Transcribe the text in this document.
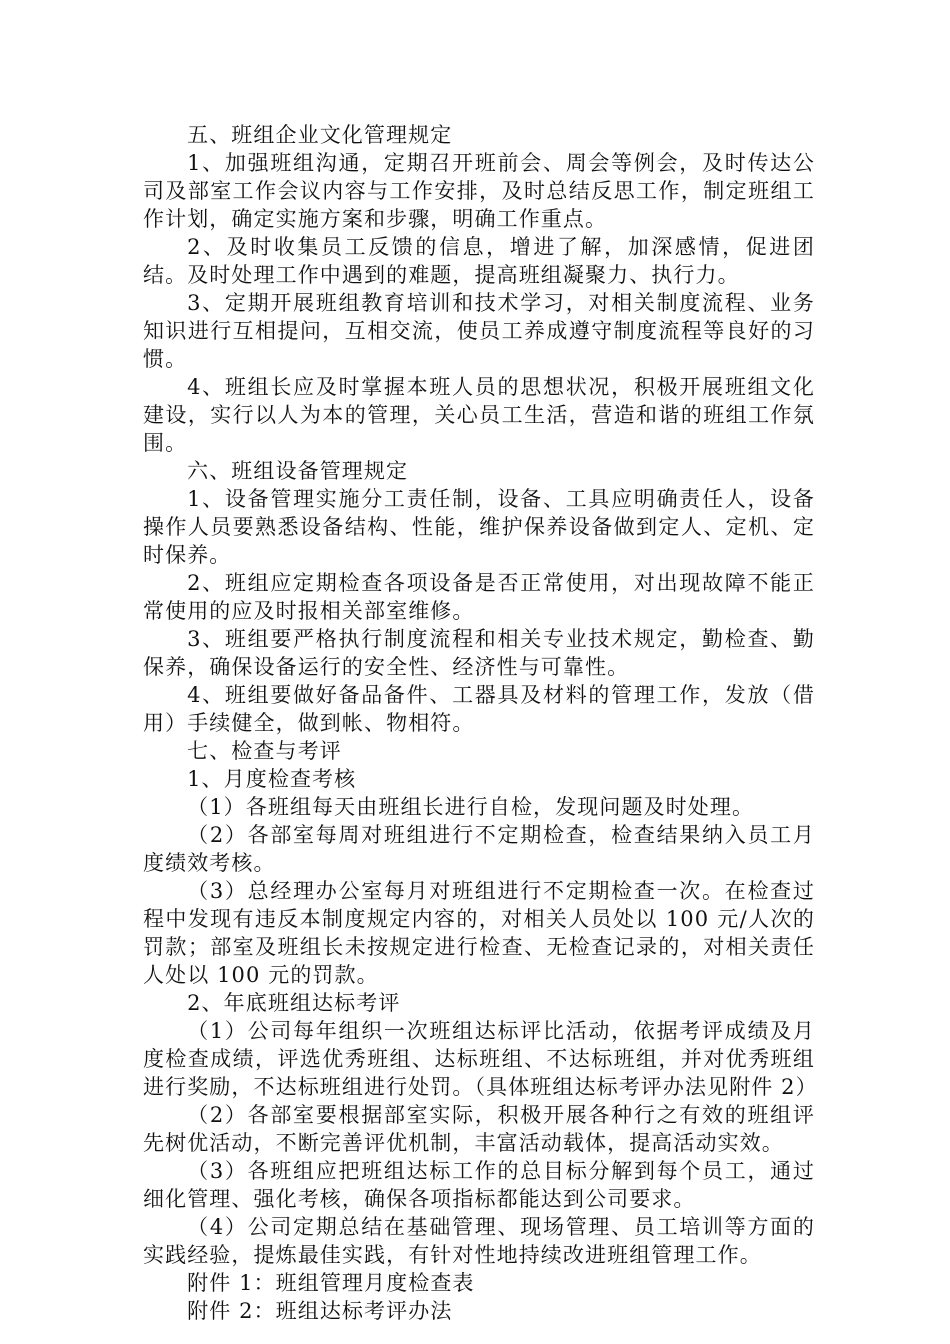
五、班组企业文化管理规定

1、加强班组沟通，定期召开班前会、周会等例会，及时传达公司及部室工作会议内容与工作安排，及时总结反思工作，制定班组工作计划，确定实施方案和步骤，明确工作重点。

2、及时收集员工反馈的信息，增进了解，加深感情，促进团结。及时处理工作中遇到的难题，提高班组凝聚力、执行力。

3、定期开展班组教育培训和技术学习，对相关制度流程、业务知识进行互相提问，互相交流，使员工养成遵守制度流程等良好的习惯。

4、班组长应及时掌握本班人员的思想状况，积极开展班组文化建设，实行以人为本的管理，关心员工生活，营造和谐的班组工作氛围。

六、班组设备管理规定

1、设备管理实施分工责任制，设备、工具应明确责任人，设备操作人员要熟悉设备结构、性能，维护保养设备做到定人、定机、定时保养。

2、班组应定期检查各项设备是否正常使用，对出现故障不能正常使用的应及时报相关部室维修。

3、班组要严格执行制度流程和相关专业技术规定，勤检查、勤保养，确保设备运行的安全性、经济性与可靠性。

4、班组要做好备品备件、工器具及材料的管理工作，发放（借用）手续健全，做到帐、物相符。

七、检查与考评

1、月度检查考核

（1）各班组每天由班组长进行自检，发现问题及时处理。

（2）各部室每周对班组进行不定期检查，检查结果纳入员工月度绩效考核。

（3）总经理办公室每月对班组进行不定期检查一次。在检查过程中发现有违反本制度规定内容的，对相关人员处以 100 元/人次的罚款；部室及班组长未按规定进行检查、无检查记录的，对相关责任人处以 100 元的罚款。

2、年底班组达标考评

（1）公司每年组织一次班组达标评比活动，依据考评成绩及月度检查成绩，评选优秀班组、达标班组、不达标班组，并对优秀班组进行奖励，不达标班组进行处罚。（具体班组达标考评办法见附件 2）

（2）各部室要根据部室实际，积极开展各种行之有效的班组评先树优活动，不断完善评优机制，丰富活动载体，提高活动实效。

（3）各班组应把班组达标工作的总目标分解到每个员工，通过细化管理、强化考核，确保各项指标都能达到公司要求。

（4）公司定期总结在基础管理、现场管理、员工培训等方面的实践经验，提炼最佳实践，有针对性地持续改进班组管理工作。

附件 1：班组管理月度检查表

附件 2：班组达标考评办法
